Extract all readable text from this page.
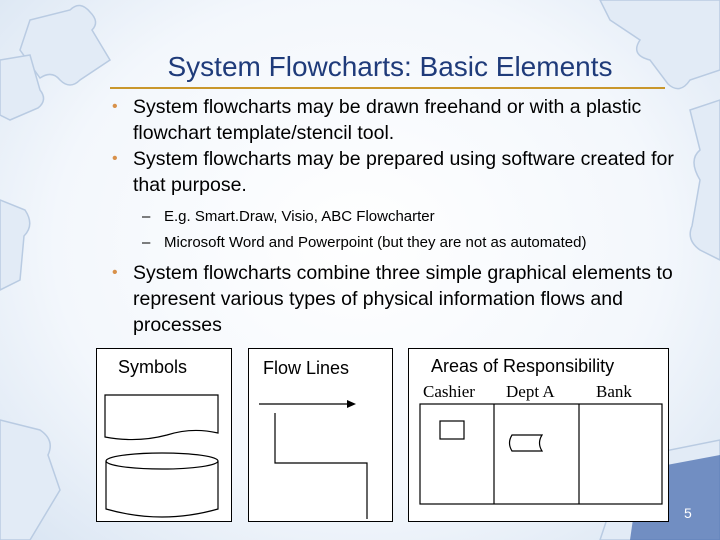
System Flowcharts: Basic Elements

• System flowcharts may be drawn freehand or with a plastic flowchart template/stencil tool.

• System flowcharts may be prepared using software created for that purpose.

– E.g. Smart.Draw, Visio, ABC Flowcharter

– Microsoft Word and Powerpoint (but they are not as automated)

• System flowcharts combine three simple graphical elements to represent various types of physical information flows and processes

Symbols	Flow Lines	Areas of Responsibility
Cashier Dept A Bank
5
